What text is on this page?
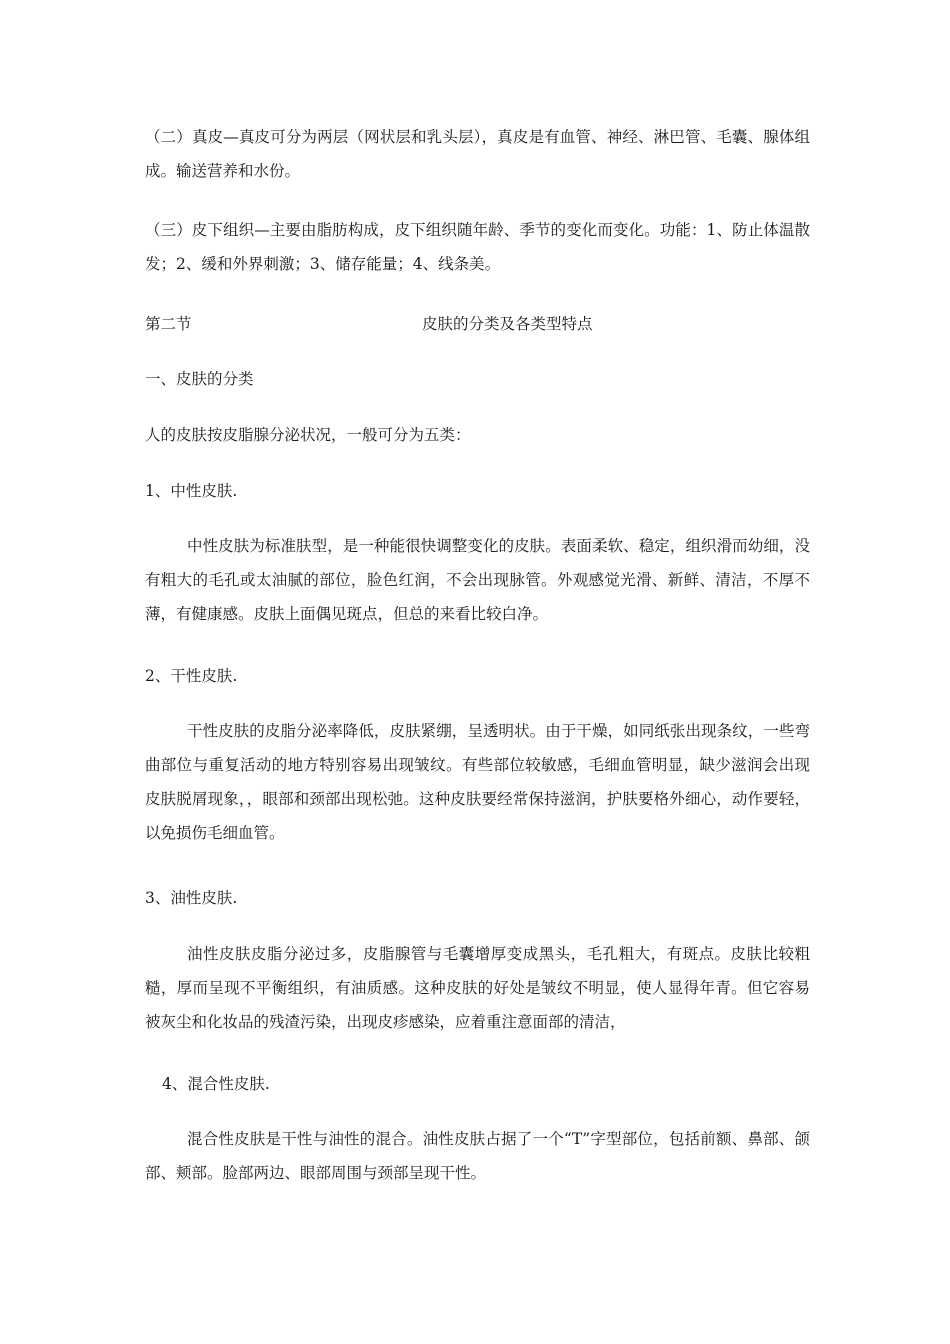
（二）真皮—真皮可分为两层（网状层和乳头层），真皮是有血管、神经、淋巴管、毛囊、腺体组成。输送营养和水份。

（三）皮下组织—主要由脂肪构成，皮下组织随年龄、季节的变化而变化。功能：1、防止体温散发；2、缓和外界刺激；3、储存能量；4、线条美。

第二节	皮肤的分类及各类型特点

一、皮肤的分类

人的皮肤按皮脂腺分泌状况，一般可分为五类：

1、中性皮肤.

中性皮肤为标准肤型，是一种能很快调整变化的皮肤。表面柔软、稳定，组织滑而幼细，没有粗大的毛孔或太油腻的部位，脸色红润，不会出现脉管。外观感觉光滑、新鲜、清洁，不厚不薄，有健康感。皮肤上面偶见斑点，但总的来看比较白净。

2、干性皮肤.

干性皮肤的皮脂分泌率降低，皮肤紧绷，呈透明状。由于干燥，如同纸张出现条纹，一些弯曲部位与重复活动的地方特别容易出现皱纹。有些部位较敏感，毛细血管明显，缺少滋润会出现皮肤脱屑现象，，眼部和颈部出现松弛。这种皮肤要经常保持滋润，护肤要格外细心，动作要轻，以免损伤毛细血管。

3、油性皮肤.

油性皮肤皮脂分泌过多，皮脂腺管与毛囊增厚变成黑头，毛孔粗大，有斑点。皮肤比较粗糙，厚而呈现不平衡组织，有油质感。这种皮肤的好处是皱纹不明显，使人显得年青。但它容易被灰尘和化妆品的残渣污染，出现皮疹感染，应着重注意面部的清洁，

4、混合性皮肤.

混合性皮肤是干性与油性的混合。油性皮肤占据了一个“T”字型部位，包括前额、鼻部、颌部、颊部。脸部两边、眼部周围与颈部呈现干性。
